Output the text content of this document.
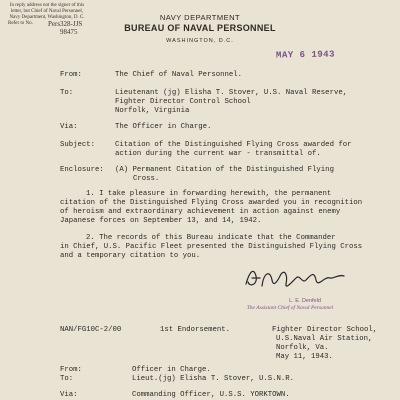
In reply address not the signer of this
letter, but Chief of Naval Personnel,
Navy Department, Washington, D. C.
Refer to No. Pers328-JJS
98475
NAVY DEPARTMENT
BUREAU OF NAVAL PERSONNEL
WASHINGTON, D.C.
MAY 6 1943
From:	The Chief of Naval Personnel.
To:	Lieutenant (jg) Elisha T. Stover, U.S. Naval Reserve,
Fighter Director Control School
Norfolk, Virginia
Via:	The Officer in Charge.
Subject:	Citation of the Distinguished Flying Cross awarded for
action during the current war - transmittal of.
Enclosure: (A) Permanent Citation of the Distinguished Flying
Cross.
1. I take pleasure in forwarding herewith, the permanent
citation of the Distinguished Flying Cross awarded you in recognition
of heroism and extraordinary achievement in action against enemy
Japanese forces on September 13, and 14, 1942.
2. The records of this Bureau indicate that the Commander
in Chief, U.S. Pacific Fleet presented the Distinguished Flying Cross
and a temporary citation to you.
L. E. Denfeld
The Assistant Chief of Naval Personnel
NAN/FG10C-2/00	1st Endorsement.	Fighter Director School,
U.S.Naval Air Station,
Norfolk, Va.
May 11, 1943.
From:	Officer in Charge.
To:	Lieut.(jg) Elisha T. Stover, U.S.N.R.
Via:	Commanding Officer, U.S.S. YORKTOWN.
